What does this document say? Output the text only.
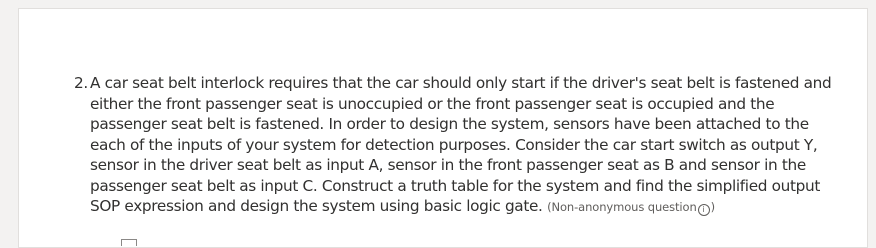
2. A car seat belt interlock requires that the car should only start if the driver's seat belt is fastened and either the front passenger seat is unoccupied or the front passenger seat is occupied and the passenger seat belt is fastened. In order to design the system, sensors have been attached to the each of the inputs of your system for detection purposes. Consider the car start switch as output Y, sensor in the driver seat belt as input A, sensor in the front passenger seat as B and sensor in the passenger seat belt as input C. Construct a truth table for the system and find the simplified output SOP expression and design the system using basic logic gate. (Non-anonymous question i )
